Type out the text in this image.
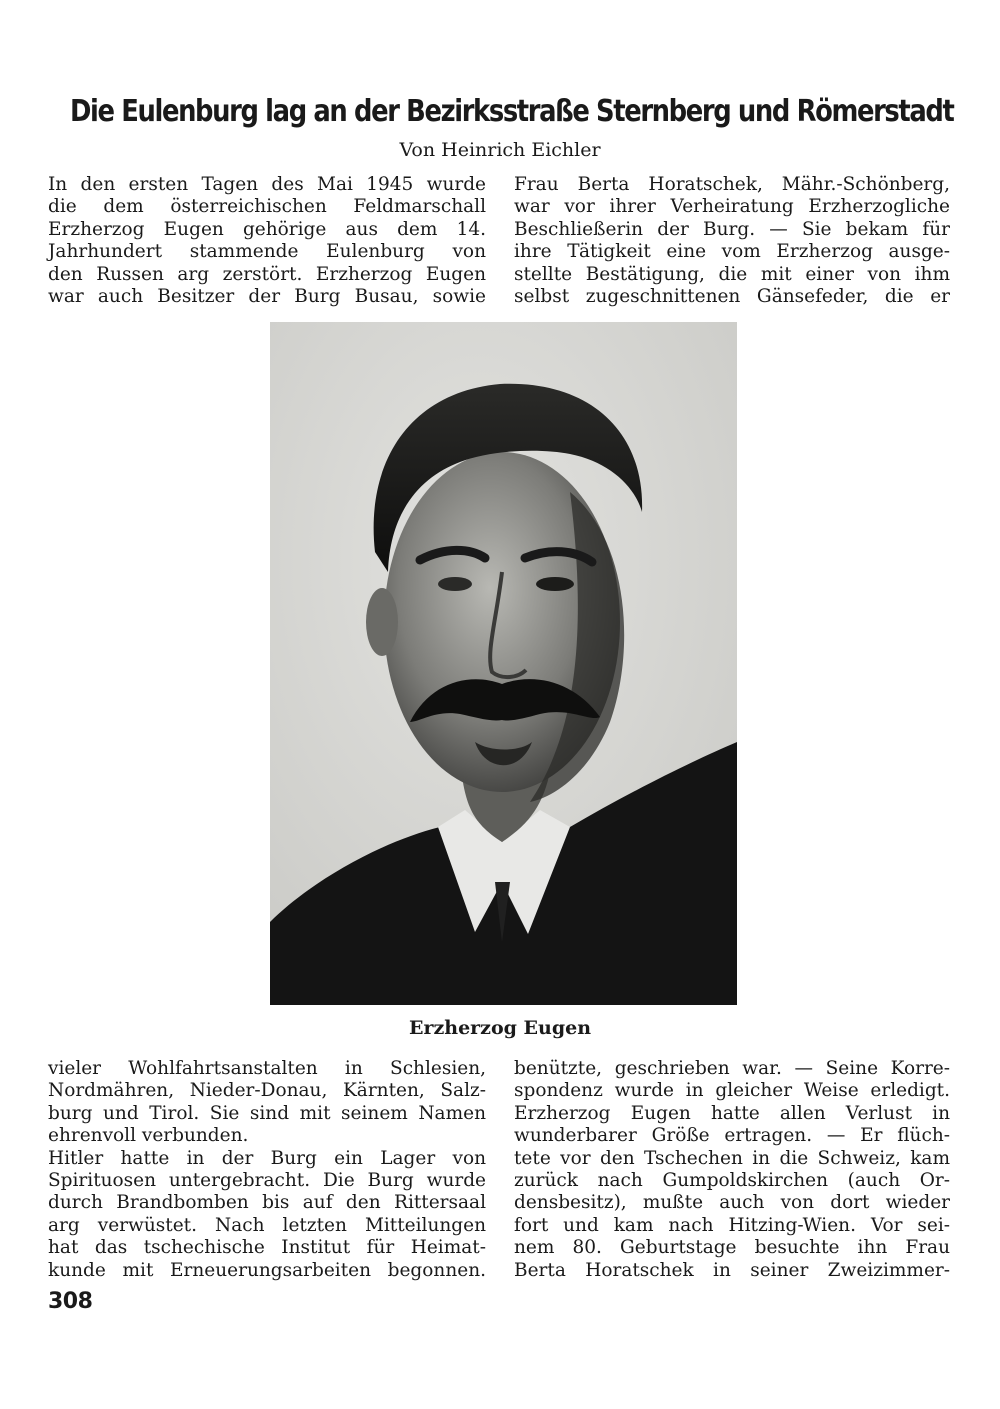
Die Eulenburg lag an der Bezirksstraße Sternberg und Römerstadt

Von Heinrich Eichler

In den ersten Tagen des Mai 1945 wurde
die dem österreichischen Feldmarschall
Erzherzog Eugen gehörige aus dem 14.
Jahrhundert stammende Eulenburg von
den Russen arg zerstört. Erzherzog Eugen
war auch Besitzer der Burg Busau, sowie
Frau Berta Horatschek, Mähr.-Schönberg,
war vor ihrer Verheiratung Erzherzogliche
Beschließerin der Burg. — Sie bekam für
ihre Tätigkeit eine vom Erzherzog ausge-
stellte Bestätigung, die mit einer von ihm
selbst zugeschnittenen Gänsefeder, die er

Erzherzog Eugen

vieler Wohlfahrtsanstalten in Schlesien,
Nordmähren, Nieder-Donau, Kärnten, Salz-
burg und Tirol. Sie sind mit seinem Namen
ehrenvoll verbunden.
Hitler hatte in der Burg ein Lager von
Spirituosen untergebracht. Die Burg wurde
durch Brandbomben bis auf den Rittersaal
arg verwüstet. Nach letzten Mitteilungen
hat das tschechische Institut für Heimat-
kunde mit Erneuerungsarbeiten begonnen.
benützte, geschrieben war. — Seine Korre-
spondenz wurde in gleicher Weise erledigt.
Erzherzog Eugen hatte allen Verlust in
wunderbarer Größe ertragen. — Er flüch-
tete vor den Tschechen in die Schweiz, kam
zurück nach Gumpoldskirchen (auch Or-
densbesitz), mußte auch von dort wieder
fort und kam nach Hitzing-Wien. Vor sei-
nem 80. Geburtstage besuchte ihn Frau
Berta Horatschek in seiner Zweizimmer-

308
